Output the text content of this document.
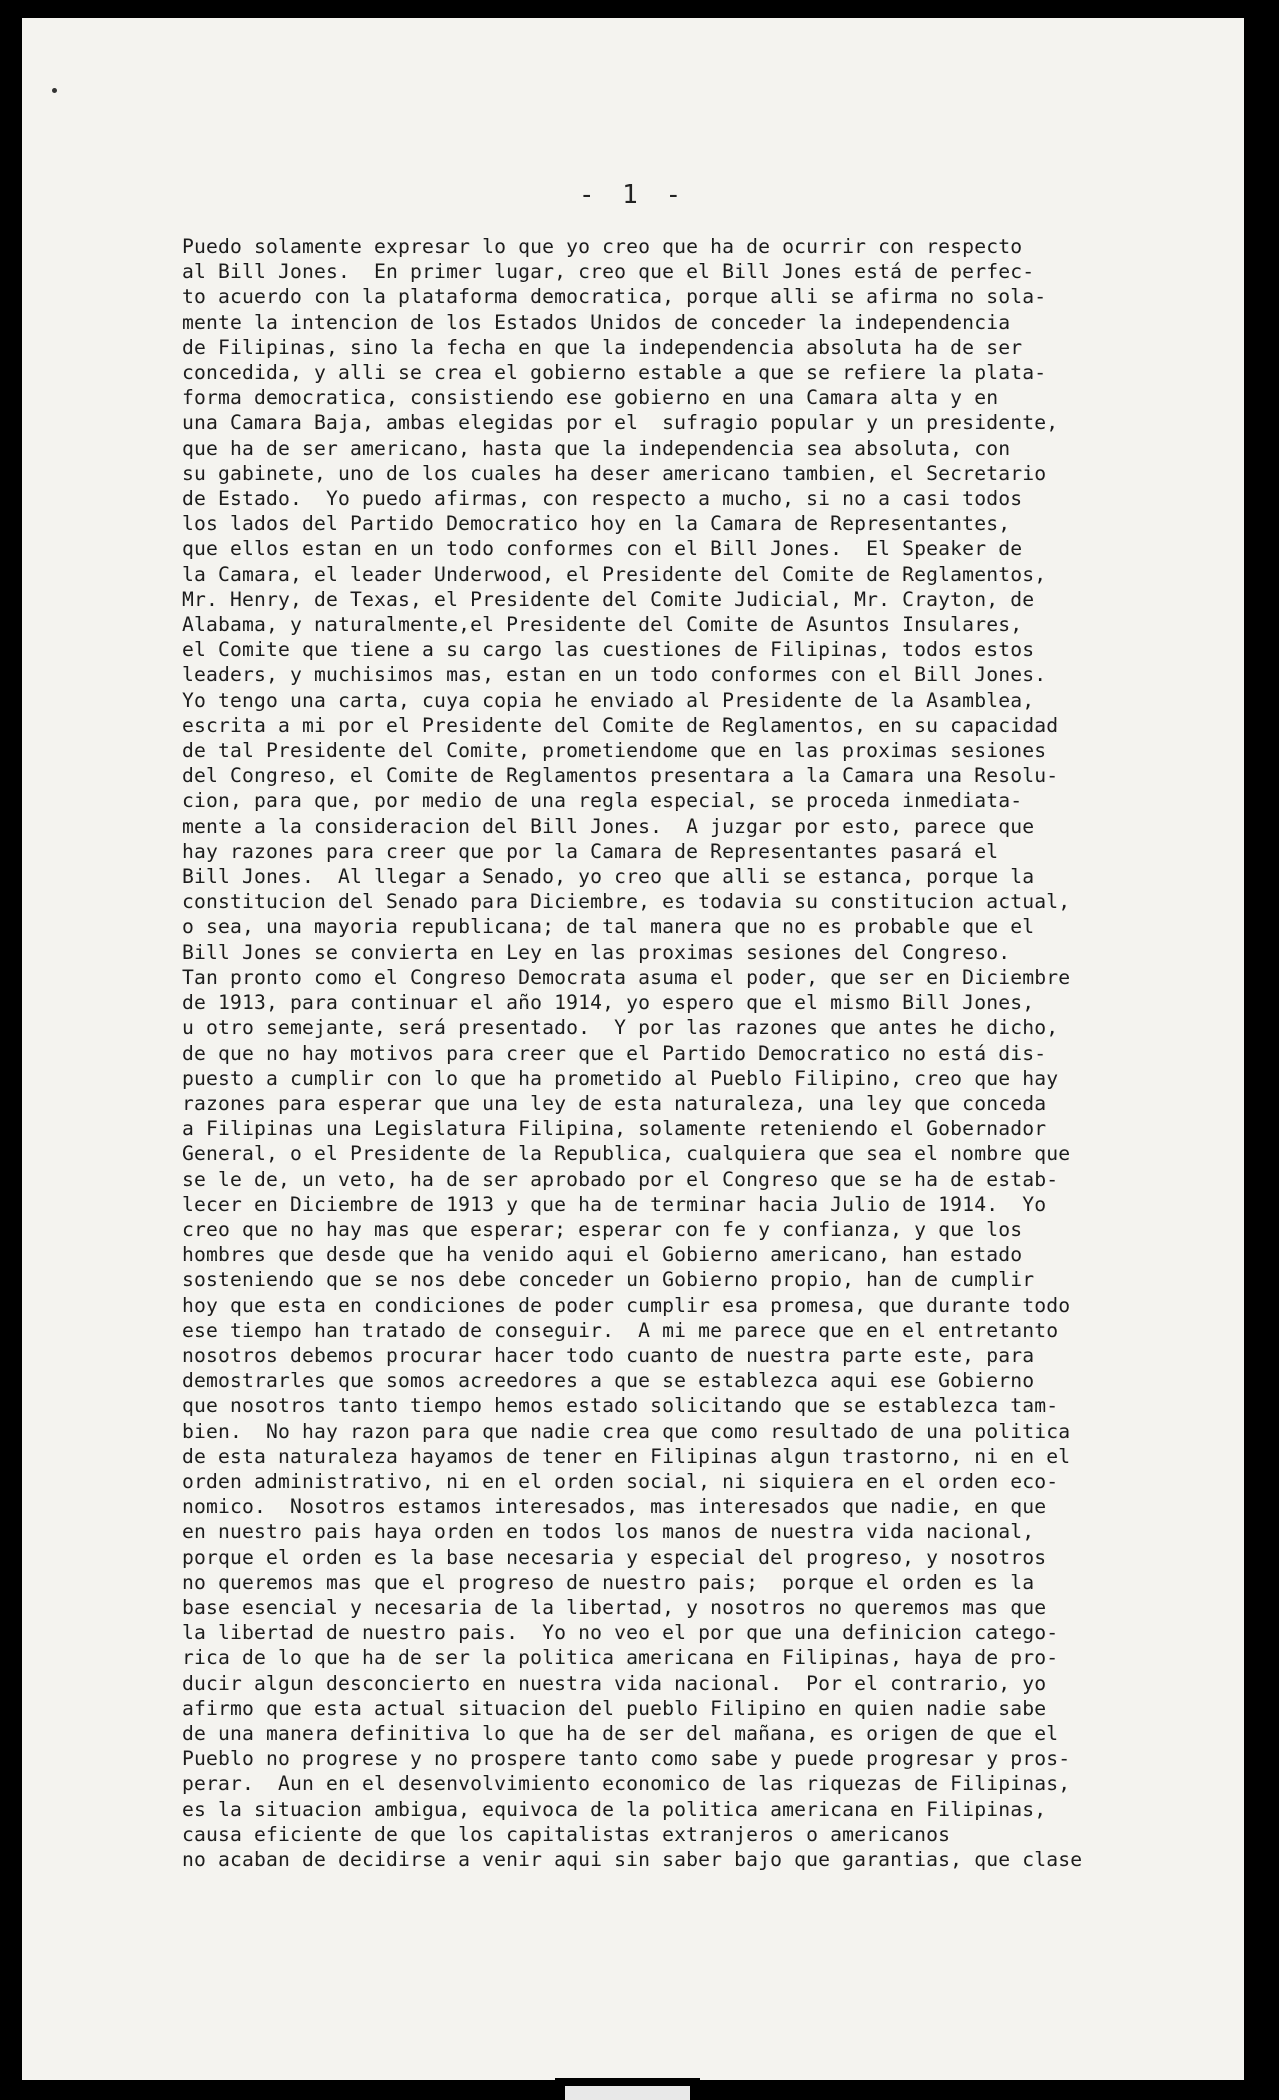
- 1 -
Puedo solamente expresar lo que yo creo que ha de ocurrir con respecto
al Bill Jones.  En primer lugar, creo que el Bill Jones está de perfec-
to acuerdo con la plataforma democratica, porque alli se afirma no sola-
mente la intencion de los Estados Unidos de conceder la independencia
de Filipinas, sino la fecha en que la independencia absoluta ha de ser
concedida, y alli se crea el gobierno estable a que se refiere la plata-
forma democratica, consistiendo ese gobierno en una Camara alta y en
una Camara Baja, ambas elegidas por el  sufragio popular y un presidente,
que ha de ser americano, hasta que la independencia sea absoluta, con
su gabinete, uno de los cuales ha deser americano tambien, el Secretario
de Estado.  Yo puedo afirmas, con respecto a mucho, si no a casi todos
los lados del Partido Democratico hoy en la Camara de Representantes,
que ellos estan en un todo conformes con el Bill Jones.  El Speaker de
la Camara, el leader Underwood, el Presidente del Comite de Reglamentos,
Mr. Henry, de Texas, el Presidente del Comite Judicial, Mr. Crayton, de
Alabama, y naturalmente,el Presidente del Comite de Asuntos Insulares,
el Comite que tiene a su cargo las cuestiones de Filipinas, todos estos
leaders, y muchisimos mas, estan en un todo conformes con el Bill Jones.
Yo tengo una carta, cuya copia he enviado al Presidente de la Asamblea,
escrita a mi por el Presidente del Comite de Reglamentos, en su capacidad
de tal Presidente del Comite, prometiendome que en las proximas sesiones
del Congreso, el Comite de Reglamentos presentara a la Camara una Resolu-
cion, para que, por medio de una regla especial, se proceda inmediata-
mente a la consideracion del Bill Jones.  A juzgar por esto, parece que
hay razones para creer que por la Camara de Representantes pasará el
Bill Jones.  Al llegar a Senado, yo creo que alli se estanca, porque la
constitucion del Senado para Diciembre, es todavia su constitucion actual,
o sea, una mayoria republicana; de tal manera que no es probable que el
Bill Jones se convierta en Ley en las proximas sesiones del Congreso.
Tan pronto como el Congreso Democrata asuma el poder, que ser en Diciembre
de 1913, para continuar el año 1914, yo espero que el mismo Bill Jones,
u otro semejante, será presentado.  Y por las razones que antes he dicho,
de que no hay motivos para creer que el Partido Democratico no está dis-
puesto a cumplir con lo que ha prometido al Pueblo Filipino, creo que hay
razones para esperar que una ley de esta naturaleza, una ley que conceda
a Filipinas una Legislatura Filipina, solamente reteniendo el Gobernador
General, o el Presidente de la Republica, cualquiera que sea el nombre que
se le de, un veto, ha de ser aprobado por el Congreso que se ha de estab-
lecer en Diciembre de 1913 y que ha de terminar hacia Julio de 1914.  Yo
creo que no hay mas que esperar; esperar con fe y confianza, y que los
hombres que desde que ha venido aqui el Gobierno americano, han estado
sosteniendo que se nos debe conceder un Gobierno propio, han de cumplir
hoy que esta en condiciones de poder cumplir esa promesa, que durante todo
ese tiempo han tratado de conseguir.  A mi me parece que en el entretanto
nosotros debemos procurar hacer todo cuanto de nuestra parte este, para
demostrarles que somos acreedores a que se establezca aqui ese Gobierno
que nosotros tanto tiempo hemos estado solicitando que se establezca tam-
bien.  No hay razon para que nadie crea que como resultado de una politica
de esta naturaleza hayamos de tener en Filipinas algun trastorno, ni en el
orden administrativo, ni en el orden social, ni siquiera en el orden eco-
nomico.  Nosotros estamos interesados, mas interesados que nadie, en que
en nuestro pais haya orden en todos los manos de nuestra vida nacional,
porque el orden es la base necesaria y especial del progreso, y nosotros
no queremos mas que el progreso de nuestro pais;  porque el orden es la
base esencial y necesaria de la libertad, y nosotros no queremos mas que
la libertad de nuestro pais.  Yo no veo el por que una definicion catego-
rica de lo que ha de ser la politica americana en Filipinas, haya de pro-
ducir algun desconcierto en nuestra vida nacional.  Por el contrario, yo
afirmo que esta actual situacion del pueblo Filipino en quien nadie sabe
de una manera definitiva lo que ha de ser del mañana, es origen de que el
Pueblo no progrese y no prospere tanto como sabe y puede progresar y pros-
perar.  Aun en el desenvolvimiento economico de las riquezas de Filipinas,
es la situacion ambigua, equivoca de la politica americana en Filipinas,
causa eficiente de que los capitalistas extranjeros o americanos
no acaban de decidirse a venir aqui sin saber bajo que garantias, que clase
